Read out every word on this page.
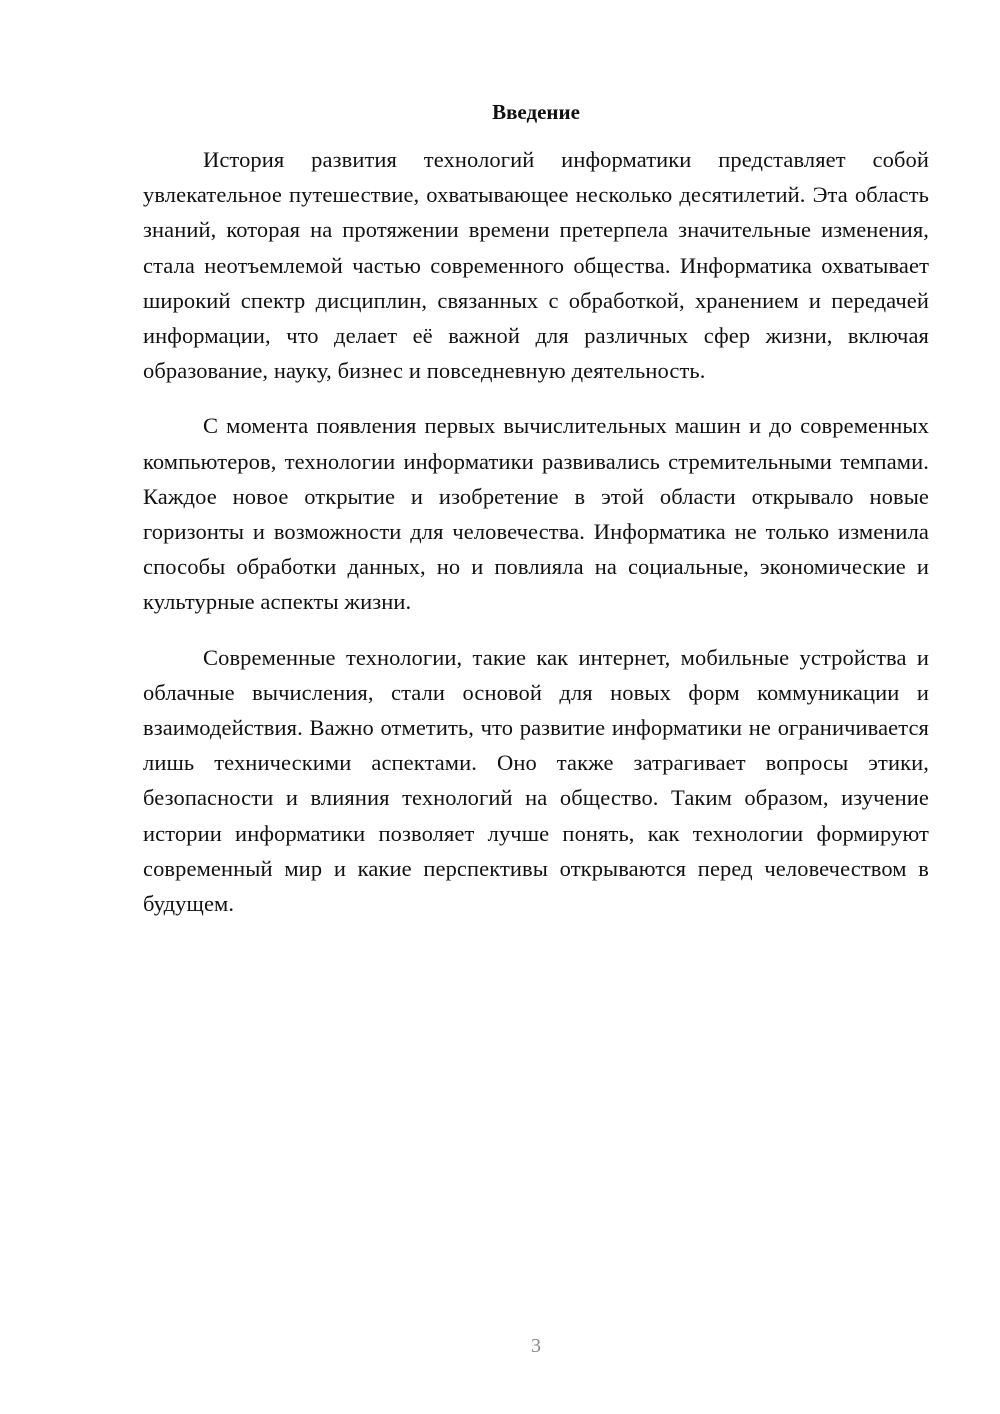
Введение

История развития технологий информатики представляет собой увлекательное путешествие, охватывающее несколько десятилетий. Эта область знаний, которая на протяжении времени претерпела значительные изменения, стала неотъемлемой частью современного общества. Информатика охватывает широкий спектр дисциплин, связанных с обработкой, хранением и передачей информации, что делает её важной для различных сфер жизни, включая образование, науку, бизнес и повседневную деятельность.

С момента появления первых вычислительных машин и до современных компьютеров, технологии информатики развивались стремительными темпами. Каждое новое открытие и изобретение в этой области открывало новые горизонты и возможности для человечества. Информатика не только изменила способы обработки данных, но и повлияла на социальные, экономические и культурные аспекты жизни.

Современные технологии, такие как интернет, мобильные устройства и облачные вычисления, стали основой для новых форм коммуникации и взаимодействия. Важно отметить, что развитие информатики не ограничивается лишь техническими аспектами. Оно также затрагивает вопросы этики, безопасности и влияния технологий на общество. Таким образом, изучение истории информатики позволяет лучше понять, как технологии формируют современный мир и какие перспективы открываются перед человечеством в будущем.

3
